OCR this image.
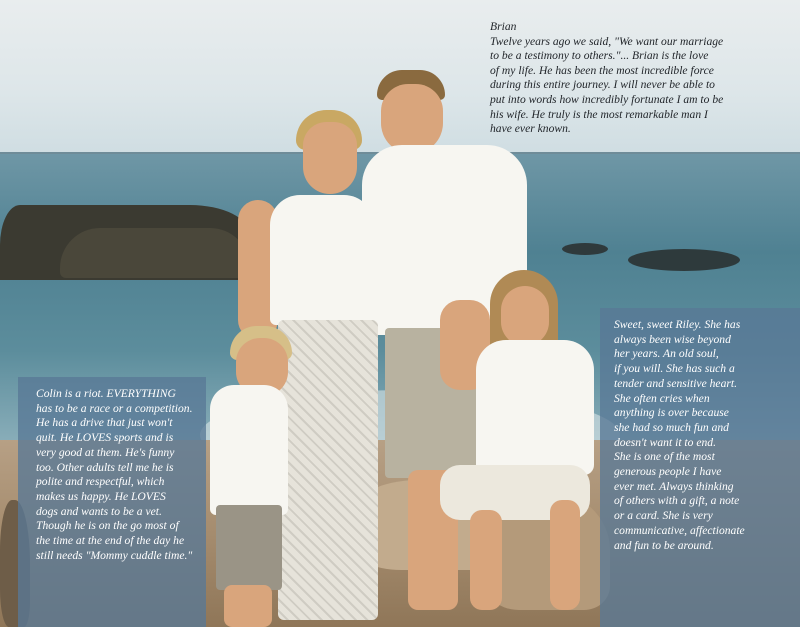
Brian

Twelve years ago we said, "We want our marriage

to be a testimony to others."... Brian is the love

of my life. He has been the most incredible force

during this entire journey. I will never be able to

put into words how incredibly fortunate I am to be

his wife. He truly is the most remarkable man I

have ever known.

Colin is a riot. EVERYTHING

has to be a race or a competition.

He has a drive that just won't

quit. He LOVES sports and is

very good at them. He's funny

too. Other adults tell me he is

polite and respectful, which

makes us happy. He LOVES

dogs and wants to be a vet.

Though he is on the go most of

the time at the end of the day he

still needs "Mommy cuddle time."

Sweet, sweet Riley. She has

always been wise beyond

her years. An old soul,

if you will. She has such a

tender and sensitive heart.

She often cries when

anything is over because

she had so much fun and

doesn't want it to end.

She is one of the most

generous people I have

ever met. Always thinking

of others with a gift, a note

or a card. She is very

communicative, affectionate

and fun to be around.
